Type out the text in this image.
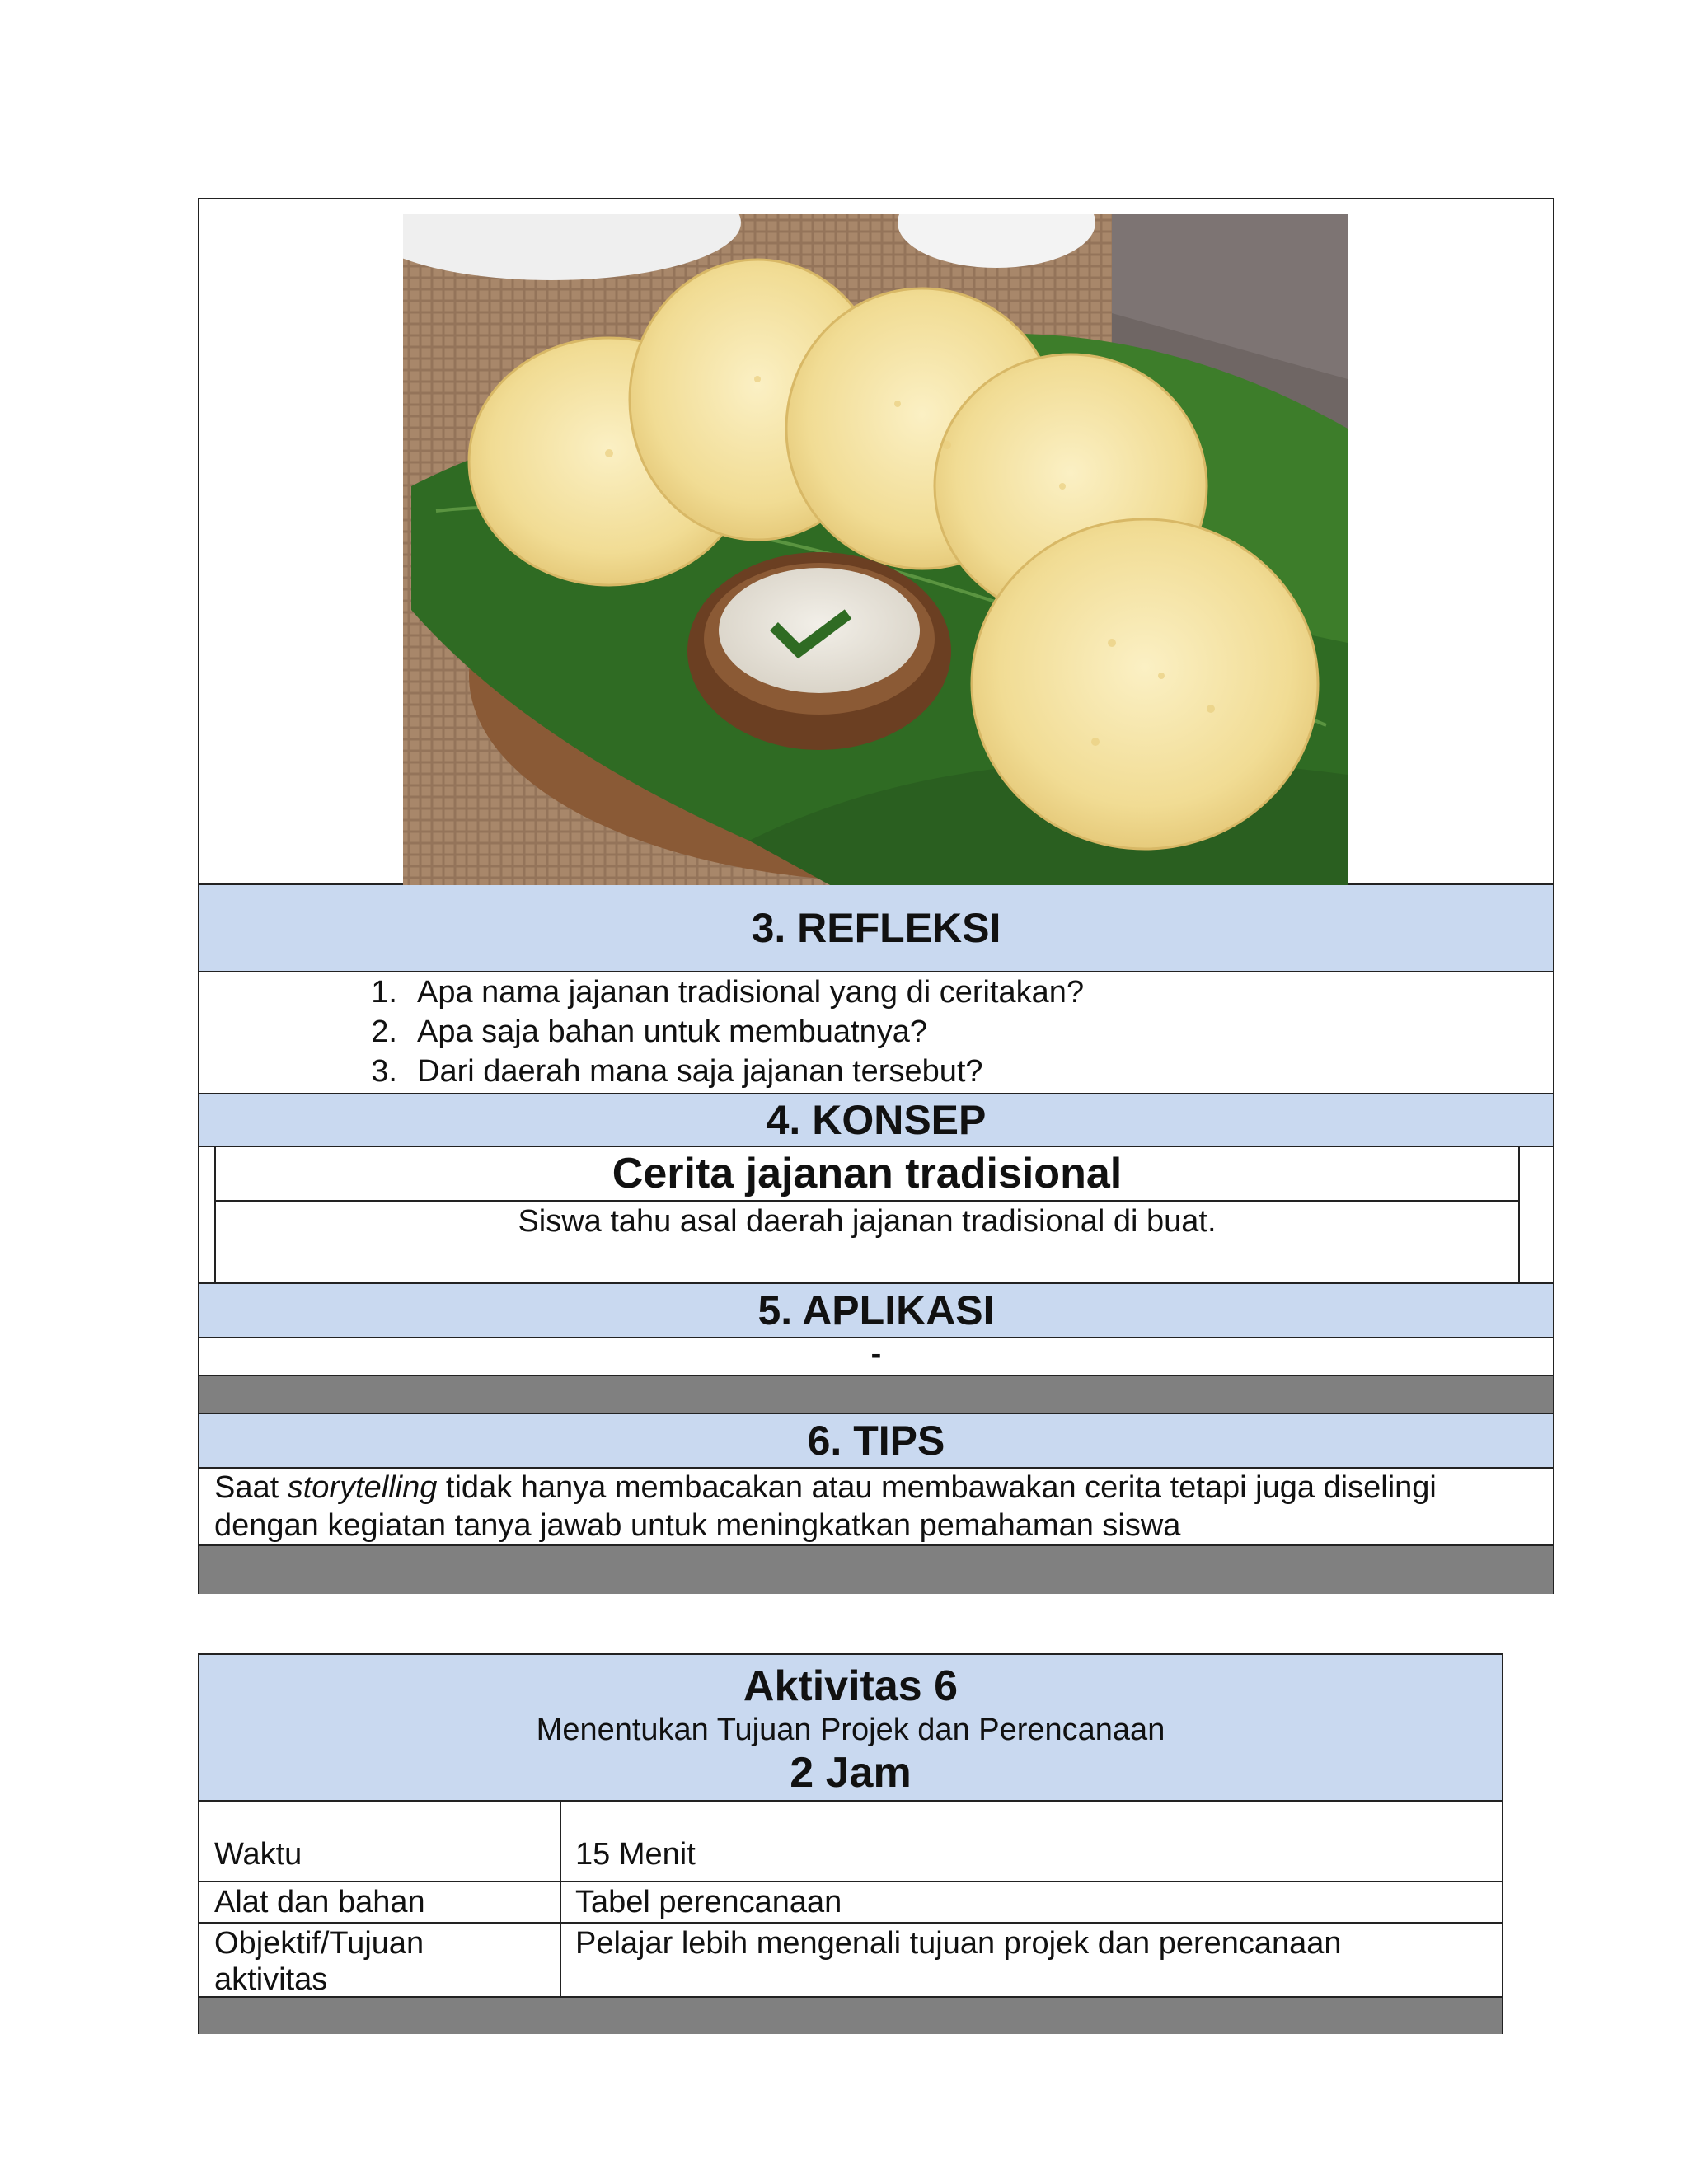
3. REFLEKSI
1. Apa nama jajanan tradisional yang di ceritakan?
2. Apa saja bahan untuk membuatnya?
3. Dari daerah mana saja jajanan tersebut?
4. KONSEP
Cerita jajanan tradisional
Siswa tahu asal daerah jajanan tradisional di buat.
5. APLIKASI
-
6. TIPS
Saat storytelling tidak hanya membacakan atau membawakan cerita tetapi juga diselingi dengan kegiatan tanya jawab untuk meningkatkan pemahaman siswa
Aktivitas 6
Menentukan Tujuan Projek dan Perencanaan
2 Jam
Waktu	15 Menit
Alat dan bahan	Tabel perencanaan
Objektif/Tujuan aktivitas
Pelajar lebih mengenali tujuan projek dan perencanaan
